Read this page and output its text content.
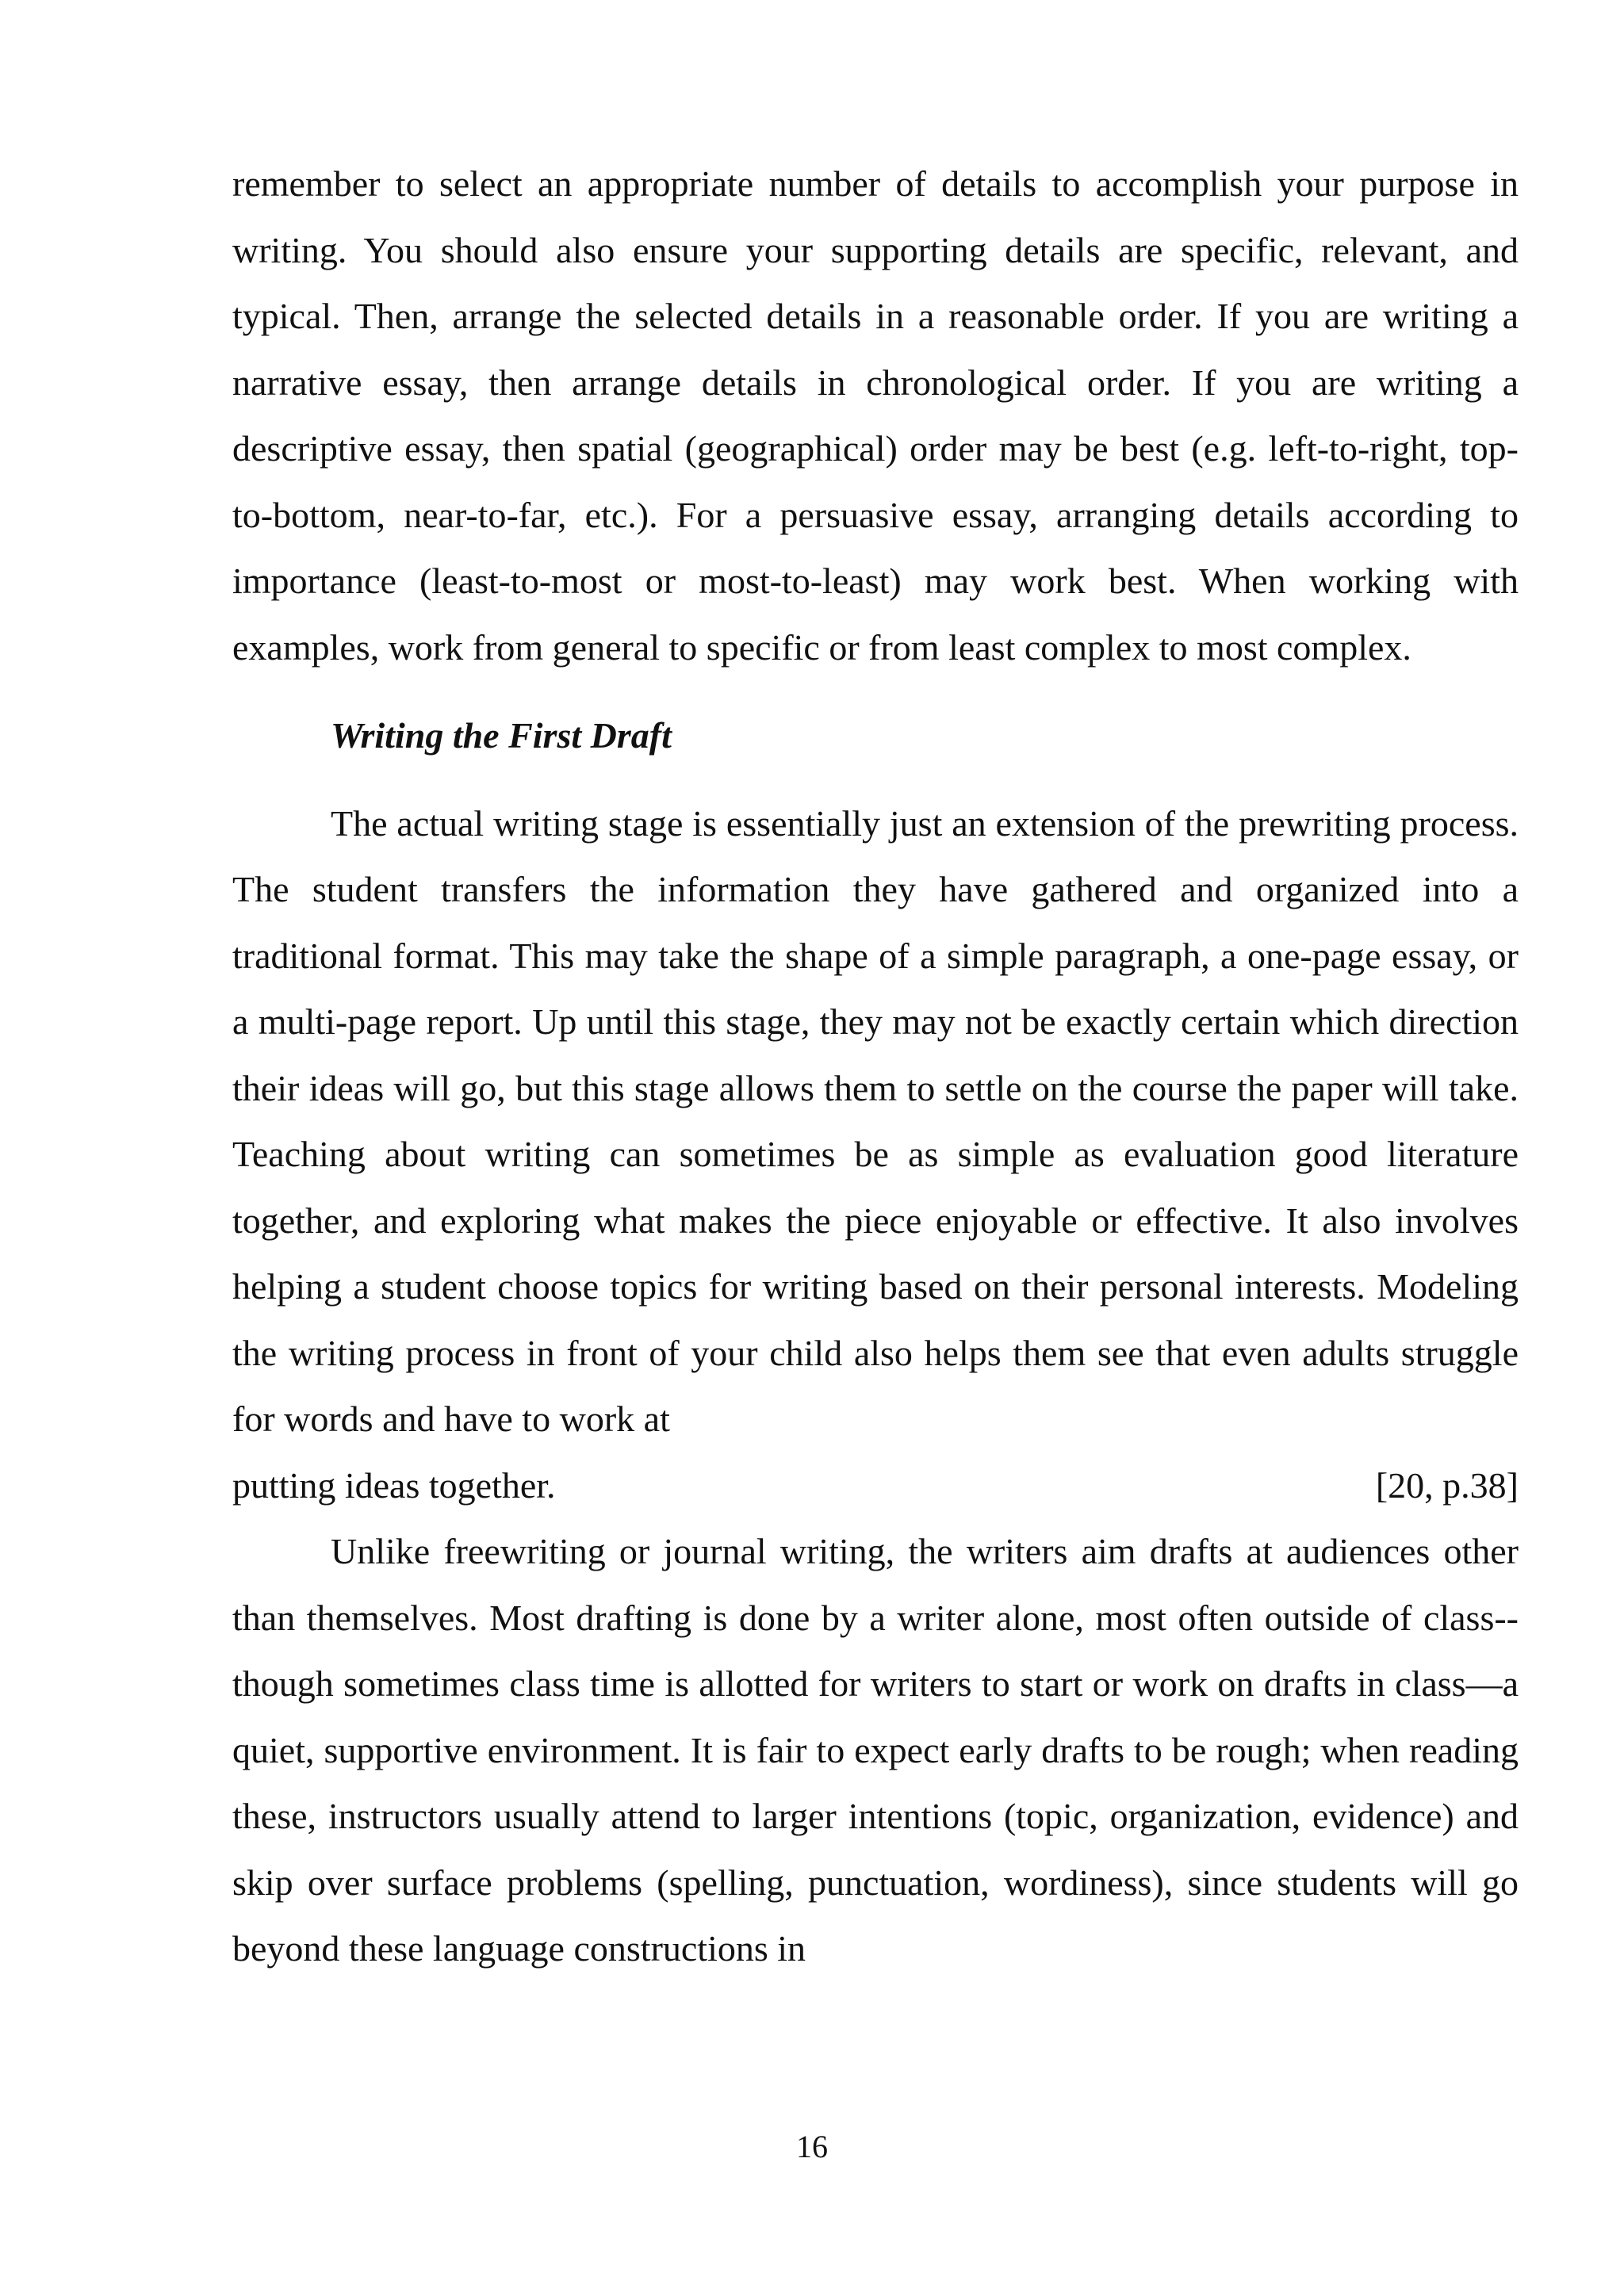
remember to select an appropriate number of details to accomplish your purpose in writing. You should also ensure your supporting details are specific, relevant, and typical. Then, arrange the selected details in a reasonable order. If you are writing a narrative essay, then arrange details in chronological order. If you are writing a descriptive essay, then spatial (geographical) order may be best (e.g. left-to-right, top-to-bottom, near-to-far, etc.). For a persuasive essay, arranging details according to importance (least-to-most or most-to-least) may work best. When working with examples, work from general to specific or from least complex to most complex.

Writing the First Draft

The actual writing stage is essentially just an extension of the prewriting process. The student transfers the information they have gathered and organized into a traditional format. This may take the shape of a simple paragraph, a one-page essay, or a multi-page report. Up until this stage, they may not be exactly certain which direction their ideas will go, but this stage allows them to settle on the course the paper will take. Teaching about writing can sometimes be as simple as evaluation good literature together, and exploring what makes the piece enjoyable or effective. It also involves helping a student choose topics for writing based on their personal interests. Modeling the writing process in front of your child also helps them see that even adults struggle for words and have to work at

putting ideas together.	[20, p.38]

Unlike freewriting or journal writing, the writers aim drafts at audiences other than themselves. Most drafting is done by a writer alone, most often outside of class-- though sometimes class time is allotted for writers to start or work on drafts in class—a quiet, supportive environment. It is fair to expect early drafts to be rough; when reading these, instructors usually attend to larger intentions (topic, organization, evidence) and skip over surface problems (spelling, punctuation, wordiness), since students will go beyond these language constructions in

16
